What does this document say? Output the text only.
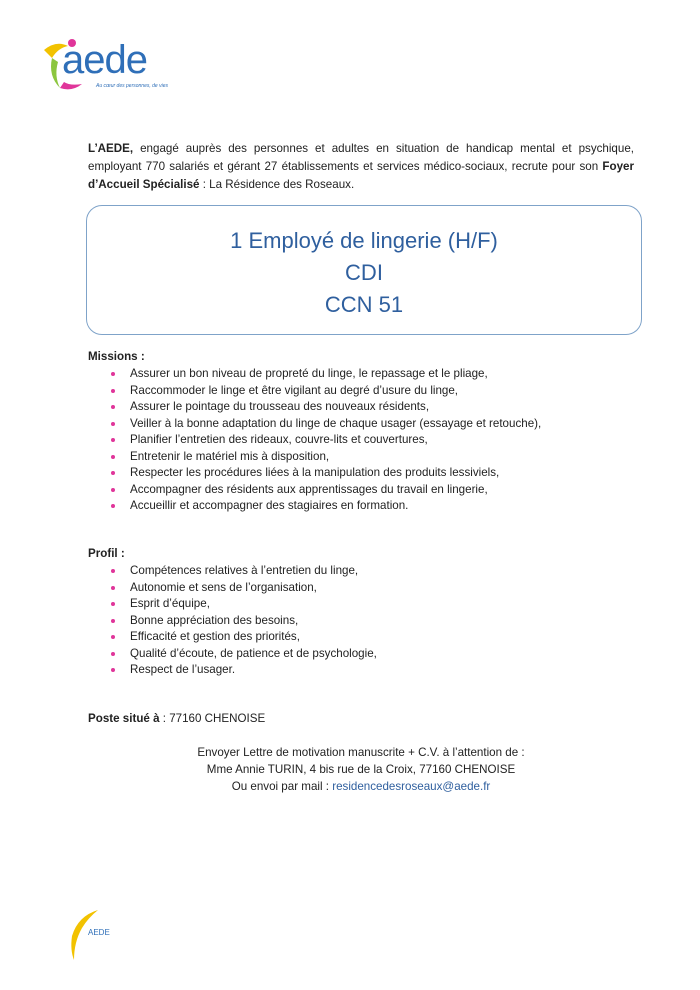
aede
Au cœur des personnes, de vies
L’AEDE, engagé auprès des personnes et adultes en situation de handicap mental et psychique, employant 770 salariés et gérant 27 établissements et services médico-sociaux, recrute pour son Foyer d’Accueil Spécialisé : La Résidence des Roseaux.
1 Employé de lingerie (H/F)
CDI
CCN 51
Missions :
Assurer un bon niveau de propreté du linge, le repassage et le pliage,
Raccommoder le linge et être vigilant au degré d’usure du linge,
Assurer le pointage du trousseau des nouveaux résidents,
Veiller à la bonne adaptation du linge de chaque usager (essayage et retouche),
Planifier l’entretien des rideaux, couvre-lits et couvertures,
Entretenir le matériel mis à disposition,
Respecter les procédures liées à la manipulation des produits lessiviels,
Accompagner des résidents aux apprentissages du travail en lingerie,
Accueillir et accompagner des stagiaires en formation.
Profil :
Compétences relatives à l’entretien du linge,
Autonomie et sens de l’organisation,
Esprit d’équipe,
Bonne appréciation des besoins,
Efficacité et gestion des priorités,
Qualité d’écoute, de patience et de psychologie,
Respect de l’usager.
Poste situé à : 77160 CHENOISE
Envoyer Lettre de motivation manuscrite + C.V. à l’attention de :
Mme Annie TURIN, 4 bis rue de la Croix, 77160 CHENOISE
Ou envoi par mail : residencedesroseaux@aede.fr
AEDE
